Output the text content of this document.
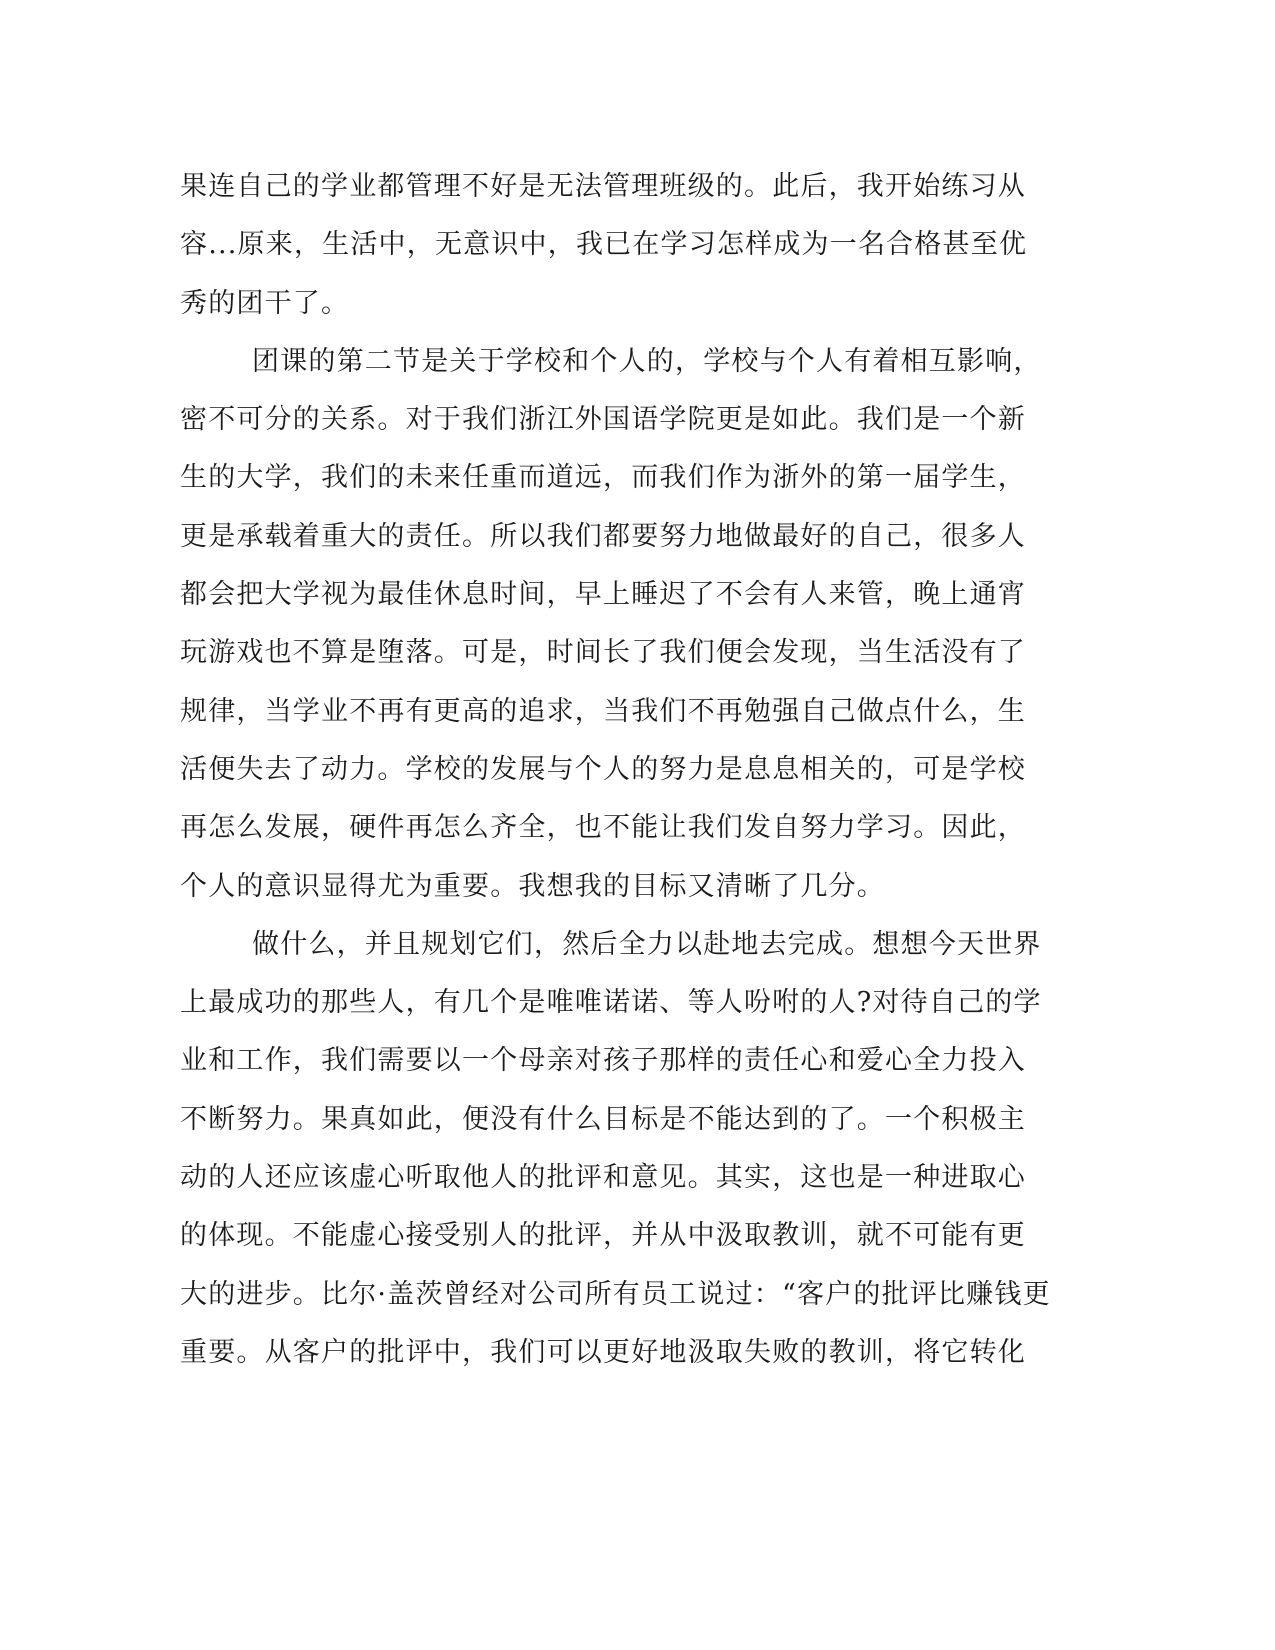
果连自己的学业都管理不好是无法管理班级的。此后，我开始练习从
容...原来，生活中，无意识中，我已在学习怎样成为一名合格甚至优
秀的团干了。
团课的第二节是关于学校和个人的，学校与个人有着相互影响，
密不可分的关系。对于我们浙江外国语学院更是如此。我们是一个新
生的大学，我们的未来任重而道远，而我们作为浙外的第一届学生，
更是承载着重大的责任。所以我们都要努力地做最好的自己，很多人
都会把大学视为最佳休息时间，早上睡迟了不会有人来管，晚上通宵
玩游戏也不算是堕落。可是，时间长了我们便会发现，当生活没有了
规律，当学业不再有更高的追求，当我们不再勉强自己做点什么，生
活便失去了动力。学校的发展与个人的努力是息息相关的，可是学校
再怎么发展，硬件再怎么齐全，也不能让我们发自努力学习。因此，
个人的意识显得尤为重要。我想我的目标又清晰了几分。
做什么，并且规划它们，然后全力以赴地去完成。想想今天世界
上最成功的那些人，有几个是唯唯诺诺、等人吩咐的人?对待自己的学
业和工作，我们需要以一个母亲对孩子那样的责任心和爱心全力投入
不断努力。果真如此，便没有什么目标是不能达到的了。一个积极主
动的人还应该虚心听取他人的批评和意见。其实，这也是一种进取心
的体现。不能虚心接受别人的批评，并从中汲取教训，就不可能有更
大的进步。比尔·盖茨曾经对公司所有员工说过：“客户的批评比赚钱更
重要。从客户的批评中，我们可以更好地汲取失败的教训，将它转化
